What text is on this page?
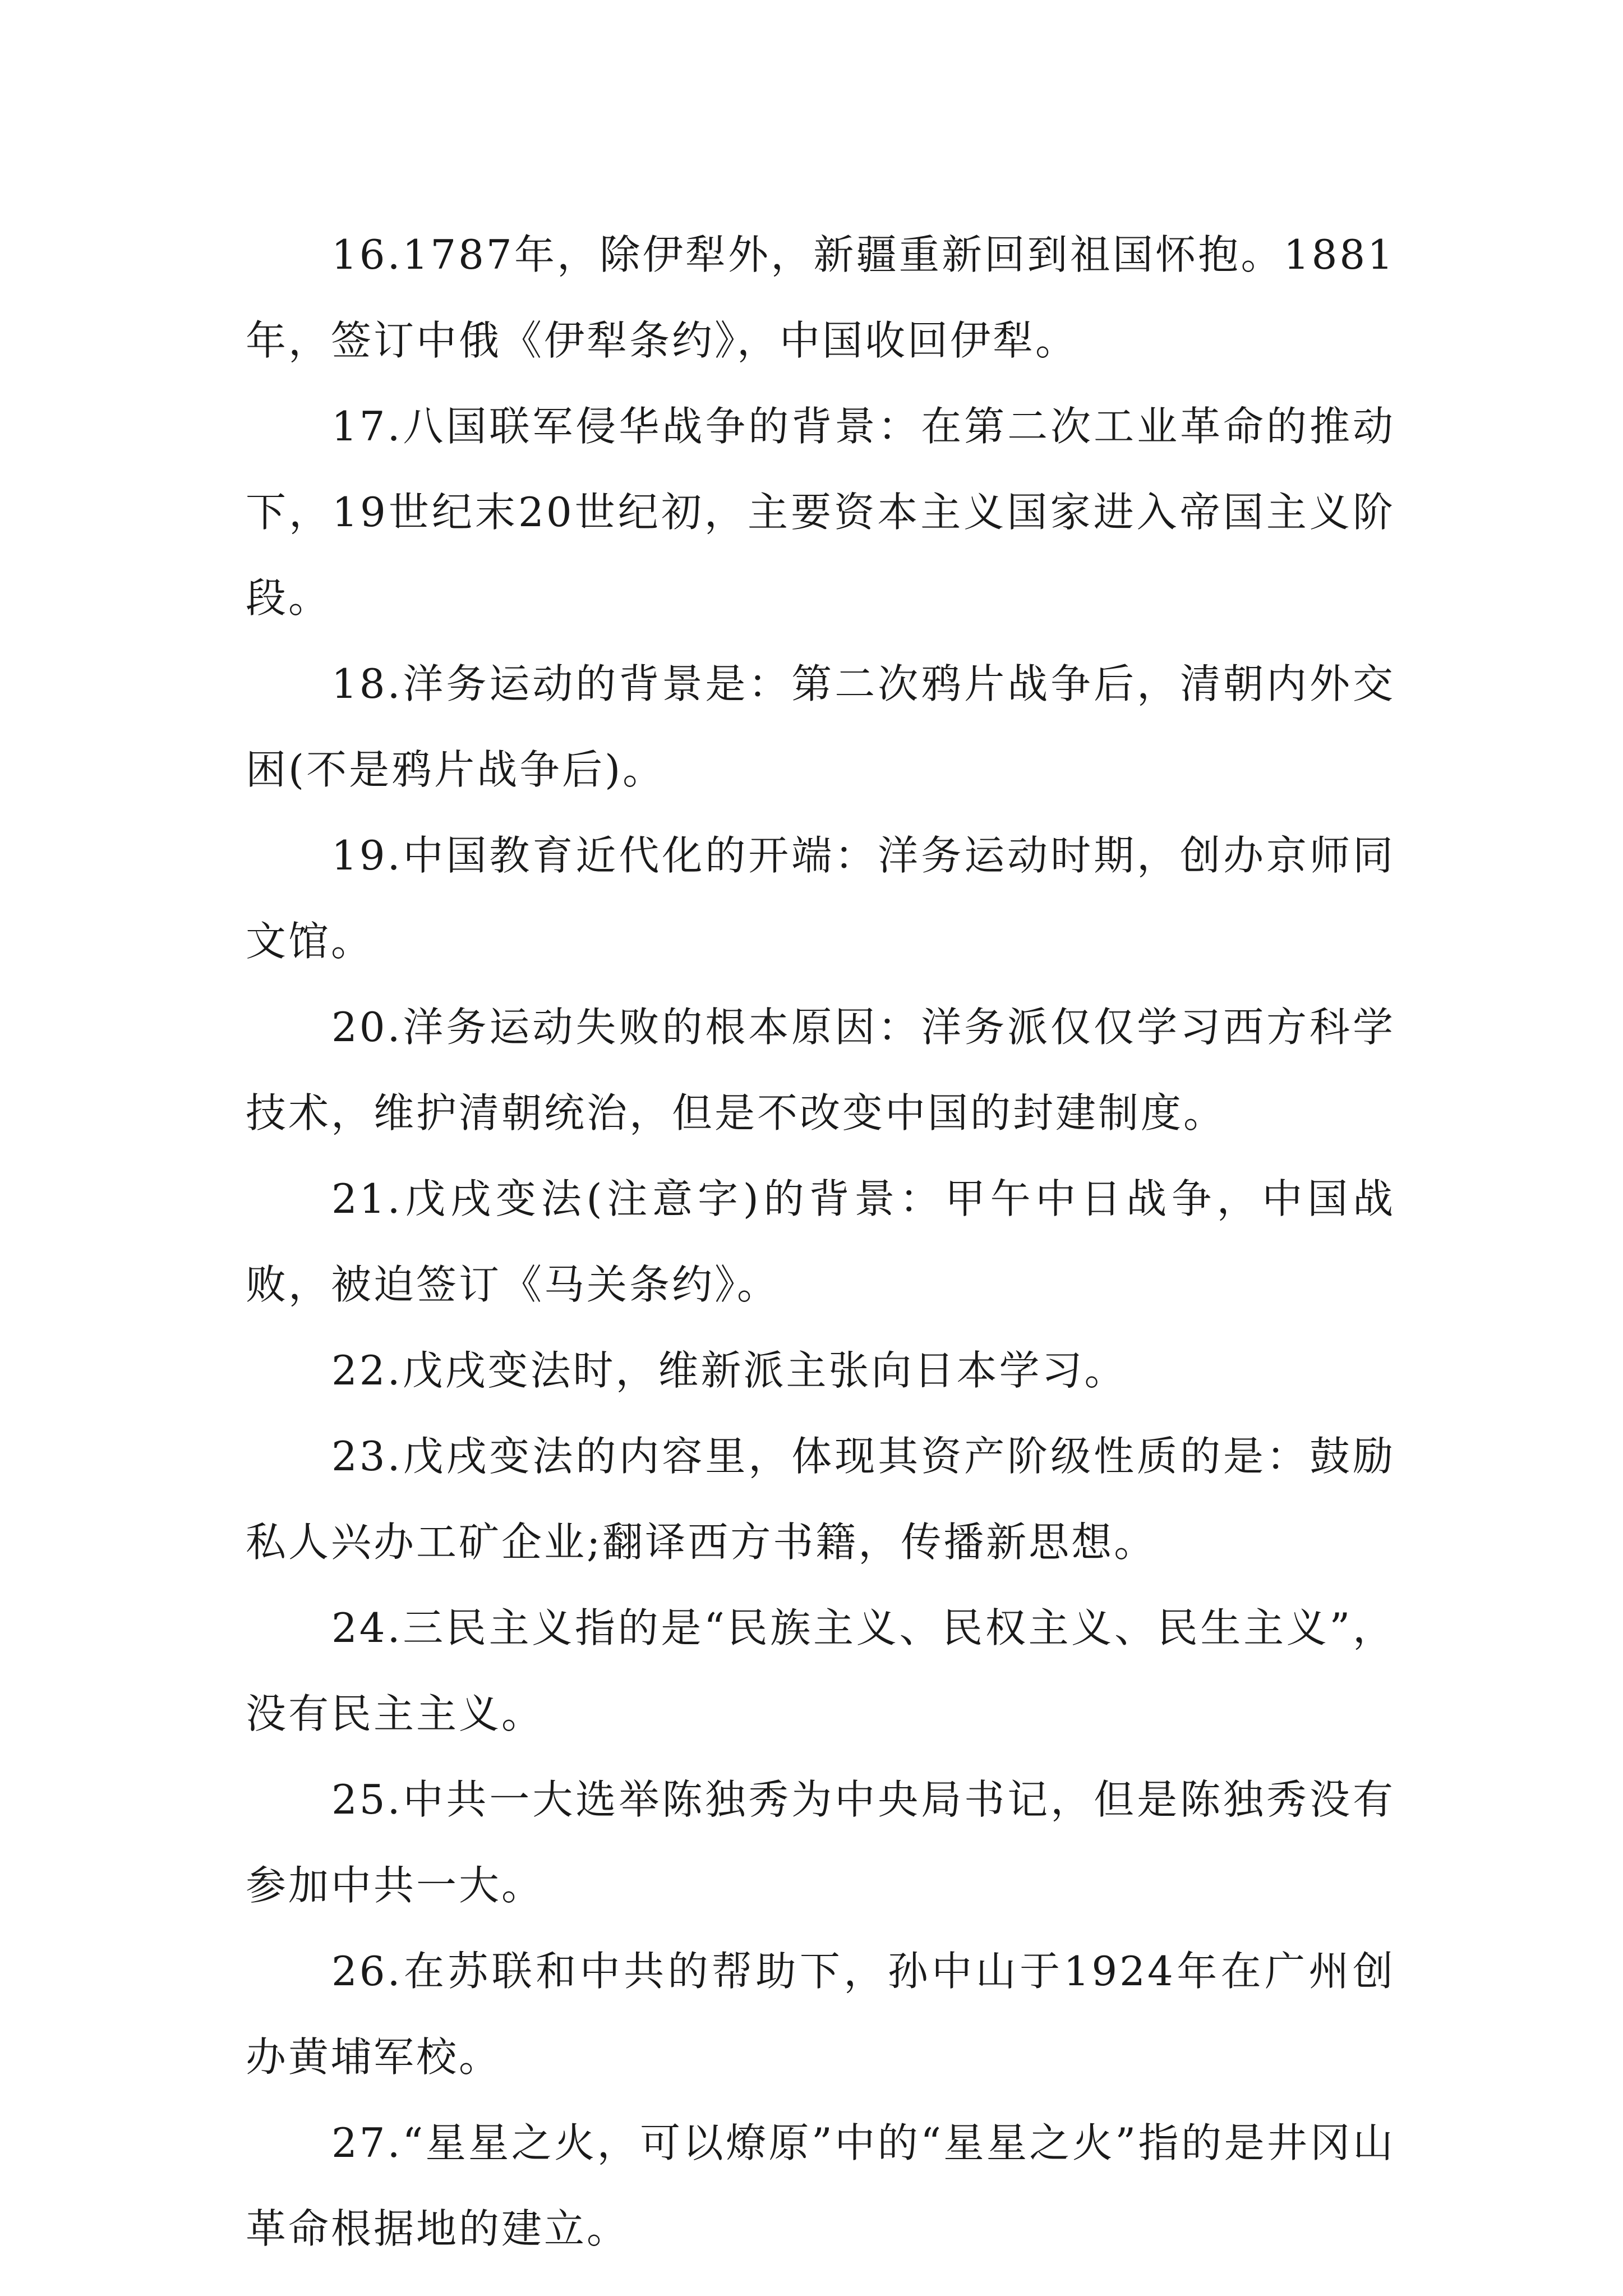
16.1787年，除伊犁外，新疆重新回到祖国怀抱。1881年，签订中俄《伊犁条约》，中国收回伊犁。

17.八国联军侵华战争的背景：在第二次工业革命的推动下，19世纪末20世纪初，主要资本主义国家进入帝国主义阶段。

18.洋务运动的背景是：第二次鸦片战争后，清朝内外交困(不是鸦片战争后)。

19.中国教育近代化的开端：洋务运动时期，创办京师同文馆。

20.洋务运动失败的根本原因：洋务派仅仅学习西方科学技术，维护清朝统治，但是不改变中国的封建制度。

21.戊戌变法(注意字)的背景：甲午中日战争，中国战败，被迫签订《马关条约》。

22.戊戌变法时，维新派主张向日本学习。

23.戊戌变法的内容里，体现其资产阶级性质的是：鼓励私人兴办工矿企业;翻译西方书籍，传播新思想。

24.三民主义指的是“民族主义、民权主义、民生主义”，没有民主主义。

25.中共一大选举陈独秀为中央局书记，但是陈独秀没有参加中共一大。

26.在苏联和中共的帮助下，孙中山于1924年在广州创办黄埔军校。

27.“星星之火，可以燎原”中的“星星之火”指的是井冈山革命根据地的建立。
